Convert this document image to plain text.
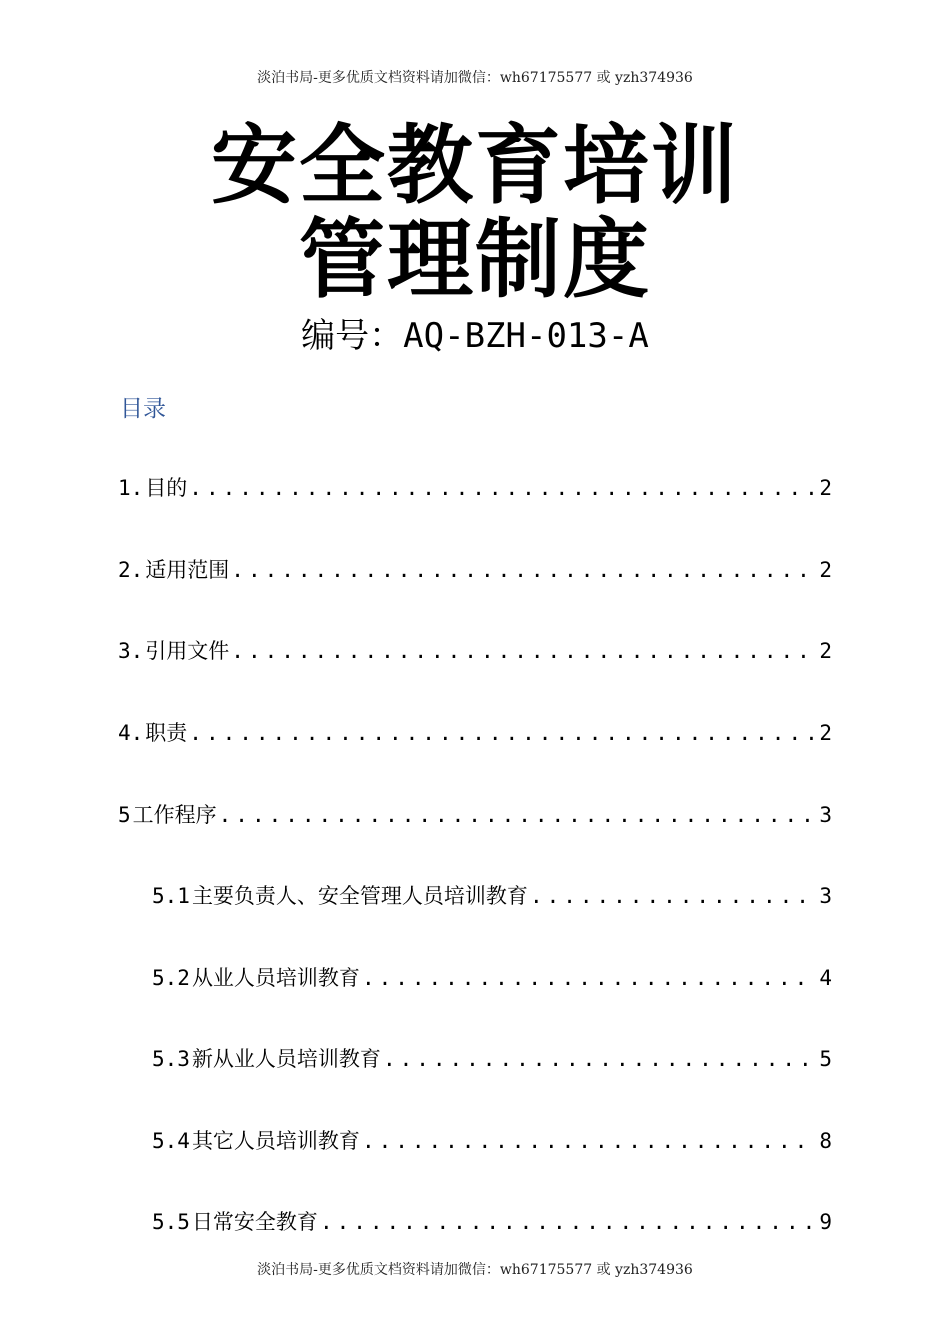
淡泊书局-更多优质文档资料请加微信：wh67175577 或 yzh374936
安全教育培训
管理制度
编号：AQ-BZH-013-A
目录
1. 目的 .....	2
2. 适用范围 .....	2
3. 引用文件 .....	2
4. 职责 .....	2
5 工作程序 .....	3
5.1 主要负责人、安全管理人员培训教育 .....	3
5.2 从业人员培训教育 .....	4
5.3 新从业人员培训教育 .....	5
5.4 其它人员培训教育 .....	8
5.5 日常安全教育 .....	9
淡泊书局-更多优质文档资料请加微信：wh67175577 或 yzh374936
